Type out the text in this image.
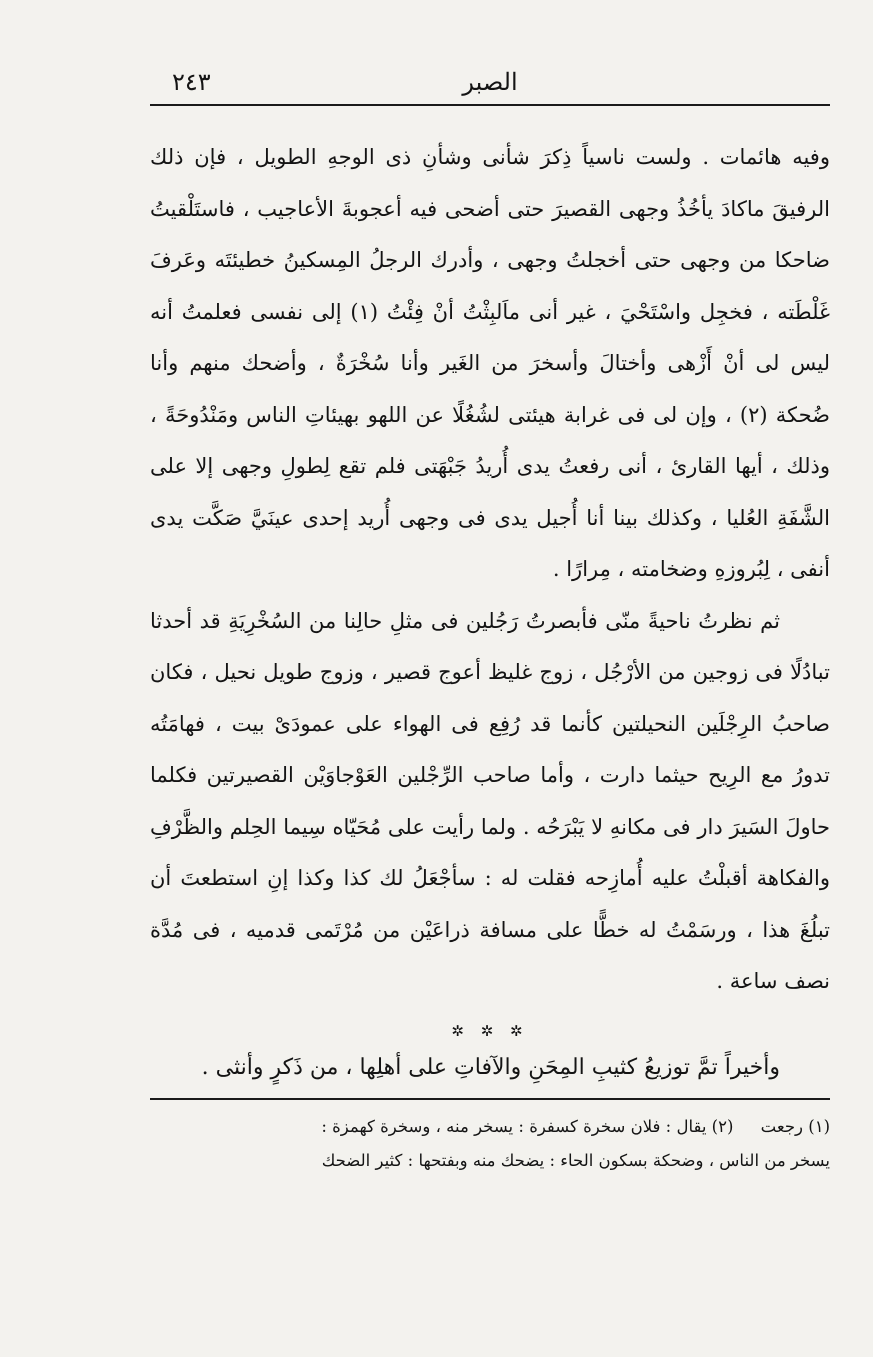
الصبر
٢٤٣

وفيه هائمات . ولست ناسياً ذِكرَ شأنى وشأنِ ذى الوجهِ الطويل ، فإن ذلك الرفيقَ ماكادَ يأخُذُ وجهى القصيرَ حتى أضحى فيه أعجوبةَ الأعاجيب ، فاستَلْقيتُ ضاحكا من وجهى حتى أخجلتُ وجهى ، وأدرك الرجلُ المِسكينُ خطيئتَه وعَرفَ غَلْطَته ، فخجِل واسْتَحْيَ ، غير أنى ماَلبِثْتُ أنْ فِئْتُ (١) إلى نفسى فعلمتُ أنه ليس لى أنْ أَزْهى وأختالَ وأسخرَ من الغَير وأنا سُخْرَةٌ ، وأضحك منهم وأنا ضُحكة (٢) ، وإن لى فى غرابة هيئتى لشُغُلًا عن اللهو بهيئاتِ الناس ومَنْدُوحَةً ، وذلك ، أيها القارئ ، أنى رفعتُ يدى أُريدُ جَبْهَتى فلم تقع لِطولِ وجهى إلا على الشَّفَةِ العُليا ، وكذلك بينا أنا أُجيل يدى فى وجهى أُريد إحدى عينَيَّ صَكَّت يدى أنفى ، لِبُروزهِ وضخامته ، مِرارًا .

ثم نظرتُ ناحيةً منّى فأبصرتُ رَجُلين فى مثلِ حالِنا من السُخْرِيَةِ قد أحدثا تبادُلًا فى زوجين من الأرْجُل ، زوج غليظ أعوج قصير ، وزوج طويل نحيل ، فكان صاحبُ الرِجْلَين النحيلتين كأنما قد رُفِع فى الهواء على عمودَىْ بيت ، فهامَتُه تدورُ مع الرِيح حيثما دارت ، وأما صاحب الرِّجْلين العَوْجاوَيْن القصيرتين فكلما حاولَ السَيرَ دار فى مكانهِ لا يَبْرَحُه . ولما رأيت على مُحَيّاه سِيما الحِلم والظَّرْفِ والفكاهة أقبلْتُ عليه أُمازِحه فقلت له : سأجْعَلُ لك كذا وكذا إنِ استطعتَ أن تبلُغَ هذا ، ورسَمْتُ له خطًّا على مسافة ذراعَيْن من مُرْتَمى قدميه ، فى مُدَّة نصف ساعة .

✲ ✲ ✲

وأخيراً تمَّ توزيعُ كثيبِ المِحَنِ والآفاتِ على أهلِها ، من ذَكرٍ وأنثى .

(١) رجعت (٢) يقال : فلان سخرة كسفرة : يسخر منه ، وسخرة كهمزة :

يسخر من الناس ، وضحكة بسكون الحاء : يضحك منه وبفتحها : كثير الضحك
